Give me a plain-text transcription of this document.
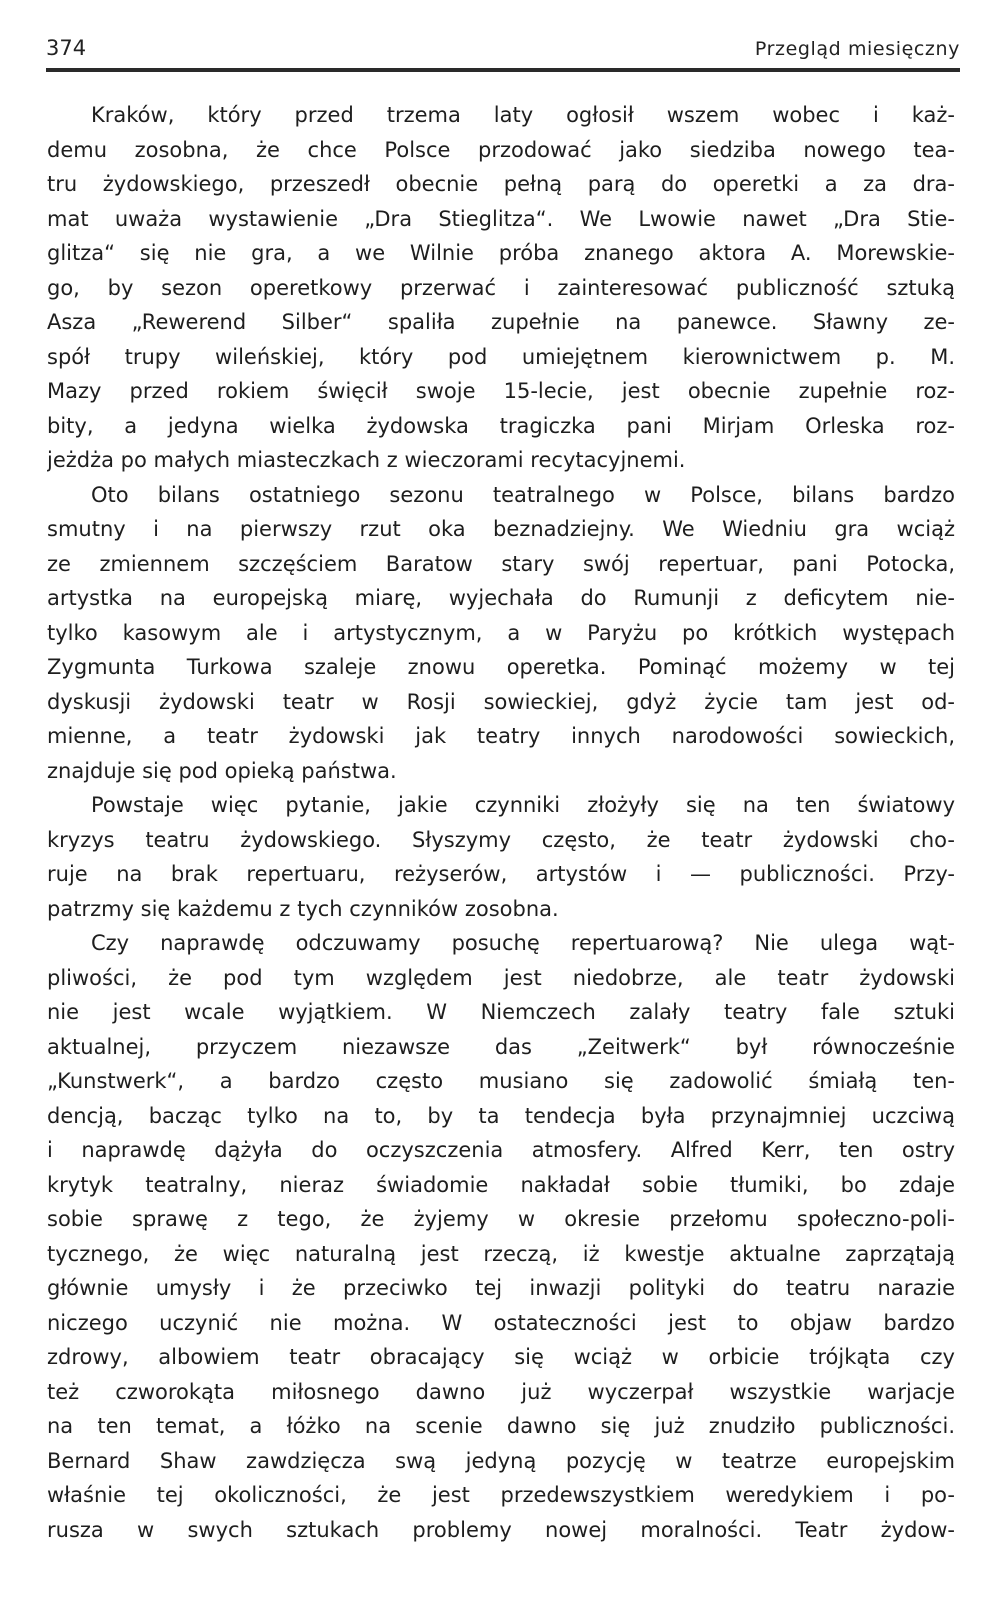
374	Przegląd miesięczny
Kraków, który przed trzema laty ogłosił wszem wobec i każ-
demu zosobna, że chce Polsce przodować jako siedziba nowego tea-
tru żydowskiego, przeszedł obecnie pełną parą do operetki a za dra-
mat uważa wystawienie „Dra Stieglitza“. We Lwowie nawet „Dra Stie-
glitza“ się nie gra, a we Wilnie próba znanego aktora A. Morewskie-
go, by sezon operetkowy przerwać i zainteresować publiczność sztuką
Asza „Rewerend Silber“ spaliła zupełnie na panewce. Sławny ze-
spół trupy wileńskiej, który pod umiejętnem kierownictwem p. M.
Mazy przed rokiem święcił swoje 15-lecie, jest obecnie zupełnie roz-
bity, a jedyna wielka żydowska tragiczka pani Mirjam Orleska roz-
jeżdża po małych miasteczkach z wieczorami recytacyjnemi.
Oto bilans ostatniego sezonu teatralnego w Polsce, bilans bardzo
smutny i na pierwszy rzut oka beznadziejny. We Wiedniu gra wciąż
ze zmiennem szczęściem Baratow stary swój repertuar, pani Potocka,
artystka na europejską miarę, wyjechała do Rumunji z deficytem nie-
tylko kasowym ale i artystycznym, a w Paryżu po krótkich występach
Zygmunta Turkowa szaleje znowu operetka. Pominąć możemy w tej
dyskusji żydowski teatr w Rosji sowieckiej, gdyż życie tam jest od-
mienne, a teatr żydowski jak teatry innych narodowości sowieckich,
znajduje się pod opieką państwa.
Powstaje więc pytanie, jakie czynniki złożyły się na ten światowy
kryzys teatru żydowskiego. Słyszymy często, że teatr żydowski cho-
ruje na brak repertuaru, reżyserów, artystów i — publiczności. Przy-
patrzmy się każdemu z tych czynników zosobna.
Czy naprawdę odczuwamy posuchę repertuarową? Nie ulega wąt-
pliwości, że pod tym względem jest niedobrze, ale teatr żydowski
nie jest wcale wyjątkiem. W Niemczech zalały teatry fale sztuki
aktualnej, przyczem niezawsze das „Zeitwerk“ był równocześnie
„Kunstwerk“, a bardzo często musiano się zadowolić śmiałą ten-
dencją, bacząc tylko na to, by ta tendecja była przynajmniej uczciwą
i naprawdę dążyła do oczyszczenia atmosfery. Alfred Kerr, ten ostry
krytyk teatralny, nieraz świadomie nakładał sobie tłumiki, bo zdaje
sobie sprawę z tego, że żyjemy w okresie przełomu społeczno-poli-
tycznego, że więc naturalną jest rzeczą, iż kwestje aktualne zaprzątają
głównie umysły i że przeciwko tej inwazji polityki do teatru narazie
niczego uczynić nie można. W ostateczności jest to objaw bardzo
zdrowy, albowiem teatr obracający się wciąż w orbicie trójkąta czy
też czworokąta miłosnego dawno już wyczerpał wszystkie warjacje
na ten temat, a łóżko na scenie dawno się już znudziło publiczności.
Bernard Shaw zawdzięcza swą jedyną pozycję w teatrze europejskim
właśnie tej okoliczności, że jest przedewszystkiem weredykiem i po-
rusza w swych sztukach problemy nowej moralności. Teatr żydow-
